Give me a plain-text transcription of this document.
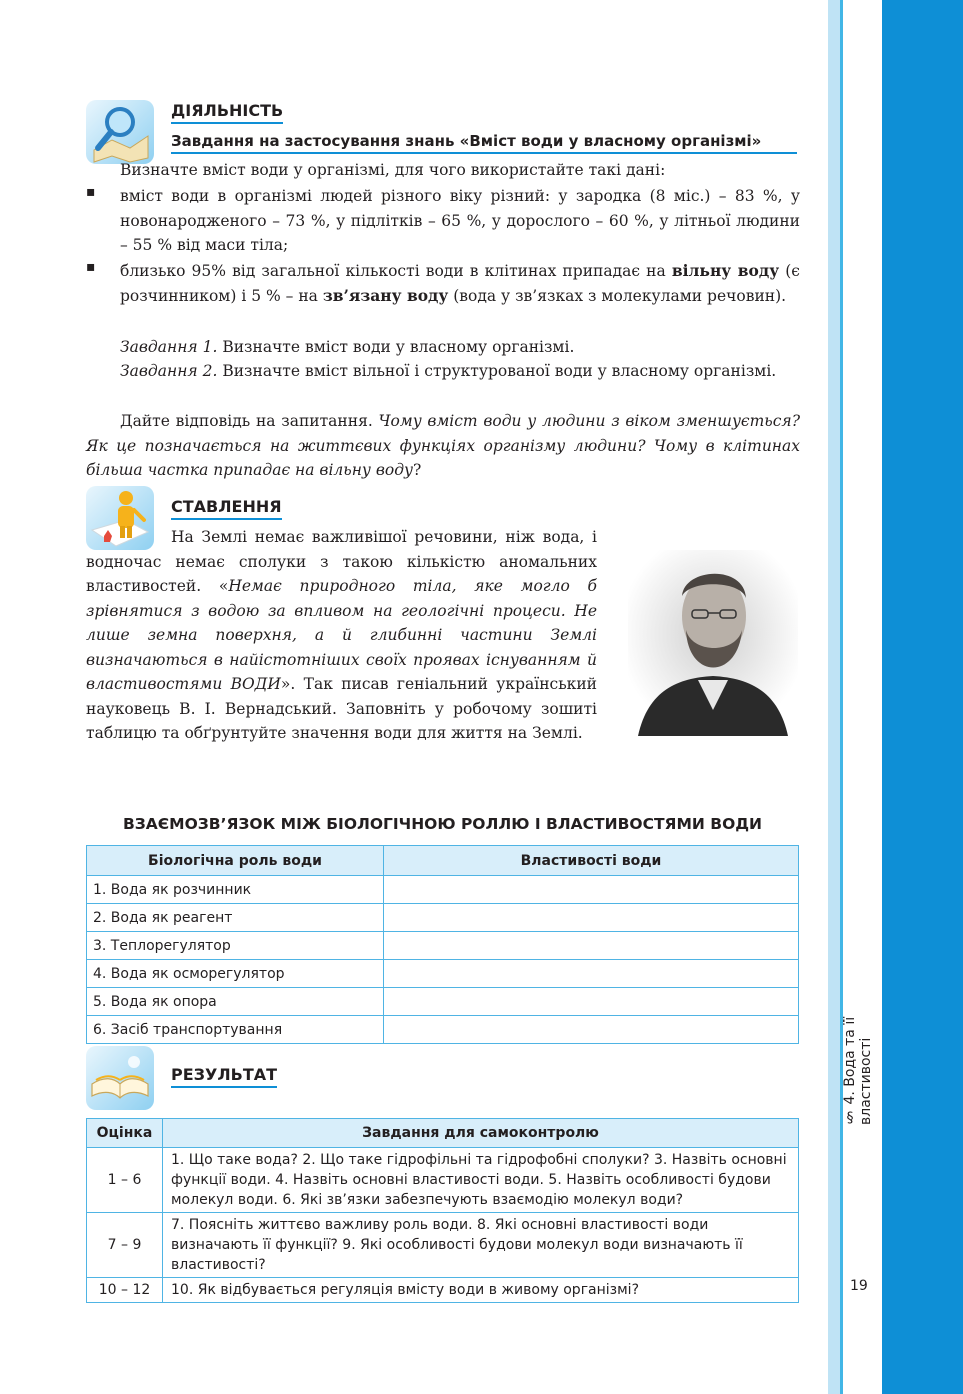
§ 4. Вода та її властивості
19
ДІЯЛЬНІСТЬ
Завдання на застосування знань «Вміст води у власному організмі»
Визначте вміст води у організмі, для чого використайте такі дані:
▪ вміст води в організмі людей різного віку різний: у зародка (8 міс.) – 83 %, у новонародженого – 73 %, у підлітків – 65 %, у дорослого – 60 %, у літньої людини – 55 % від маси тіла;
▪ близько 95% від загальної кількості води в клітинах припадає на вільну воду (є розчинником) і 5 % – на зв’язану воду (вода у зв’язках з молекулами речовин).
Завдання 1. Визначте вміст води у власному організмі.
Завдання 2. Визначте вміст вільної і структурованої води у власному організмі.
Дайте відповідь на запитання. Чому вміст води у людини з віком зменшується? Як це позначається на життєвих функціях організму людини? Чому в клітинах більша частка припадає на вільну воду?
СТАВЛЕННЯ
На Землі немає важливішої речовини, ніж вода, і водночас немає сполуки з такою кількістю аномальних властивостей. «Немає природного тіла, яке могло б зрівнятися з водою за впливом на геологічні процеси. Не лише земна поверхня, а й глибинні частини Землі визначаються в найістотніших своїх проявах існуванням й властивостями ВОДИ». Так писав геніальний український науковець В. І. Вернадський. Заповніть у робочому зошиті таблицю та обґрунтуйте значення води для життя на Землі.
ВЗАЄМОЗВ’ЯЗОК МІЖ БІОЛОГІЧНОЮ РОЛЛЮ І ВЛАСТИВОСТЯМИ ВОДИ
Біологічна роль води	Властивості води
1. Вода як розчинник	
2. Вода як реагент	
3. Теплорегулятор	
4. Вода як осморегулятор	
5. Вода як опора	
6. Засіб транспортування	
РЕЗУЛЬТАТ
Оцінка	Завдання для самоконтролю
1 – 6	1. Що таке вода? 2. Що таке гідрофільні та гідрофобні сполуки? 3. Назвіть основні функції води. 4. Назвіть основні властивості води. 5. Назвіть особливості будови молекул води. 6. Які зв’язки забезпечують взаємодію молекул води?
7 – 9	7. Поясніть життєво важливу роль води. 8. Які основні властивості води визначають її функції? 9. Які особливості будови молекул води визначають її властивості?
10 – 12	10. Як відбувається регуляція вмісту води в живому організмі?
